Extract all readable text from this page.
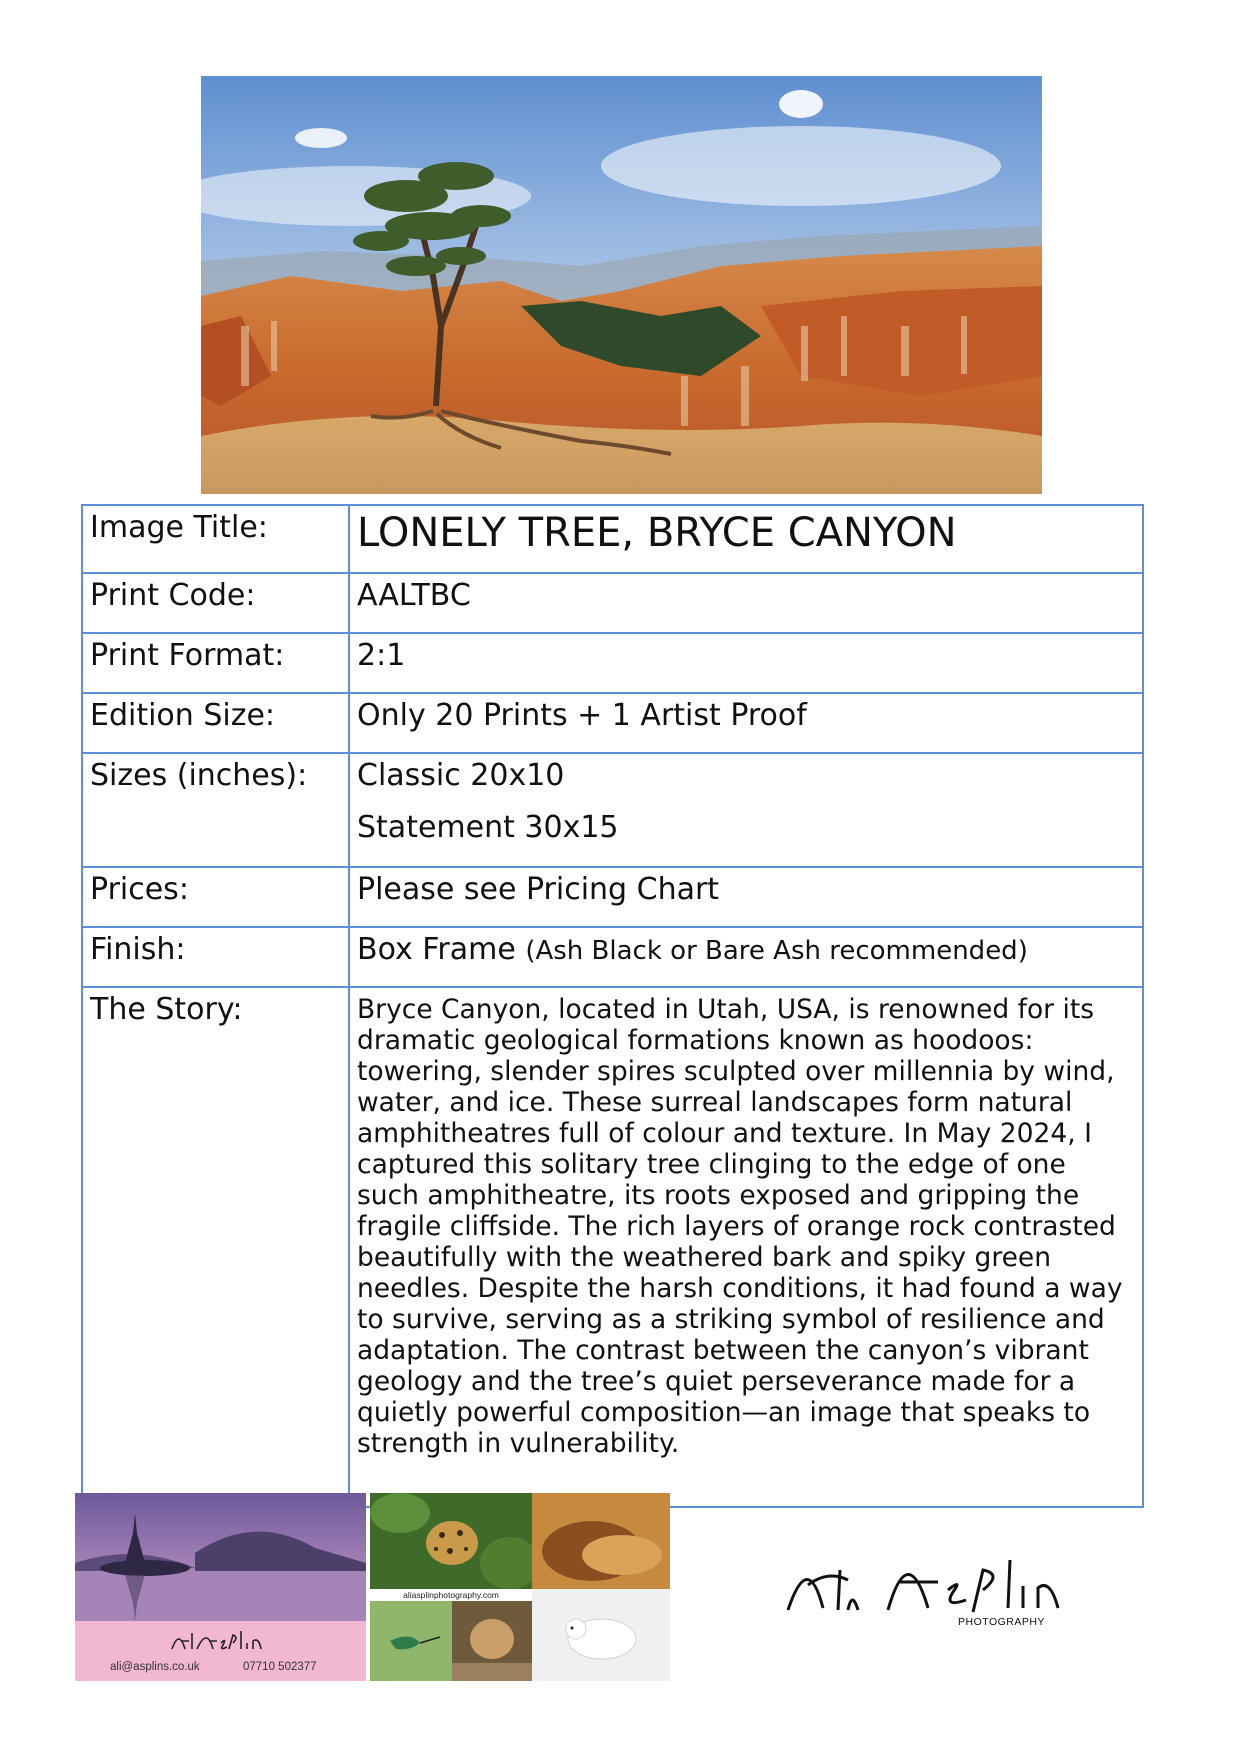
Image Title:	LONELY TREE, BRYCE CANYON
Print Code:	AALTBC
Print Format:	2:1
Edition Size:	Only 20 Prints + 1 Artist Proof
Sizes (inches):	Classic 20x10
Statement 30x15

Prices:	Please see Pricing Chart
Finish:	Box Frame (Ash Black or Bare Ash recommended)
The Story:	Bryce Canyon, located in Utah, USA, is renowned for its dramatic geological formations known as hoodoos: towering, slender spires sculpted over millennia by wind, water, and ice. These surreal landscapes form natural amphitheatres full of colour and texture. In May 2024, I captured this solitary tree clinging to the edge of one such amphitheatre, its roots exposed and gripping the fragile cliffside. The rich layers of orange rock contrasted beautifully with the weathered bark and spiky green needles. Despite the harsh conditions, it had found a way to survive, serving as a striking symbol of resilience and adaptation. The contrast between the canyon’s vibrant geology and the tree’s quiet perseverance made for a quietly powerful composition—an image that speaks to strength in vulnerability.
ali@asplins.co.uk	07710 502377
aliasplinphotography.com
PHOTOGRAPHY
